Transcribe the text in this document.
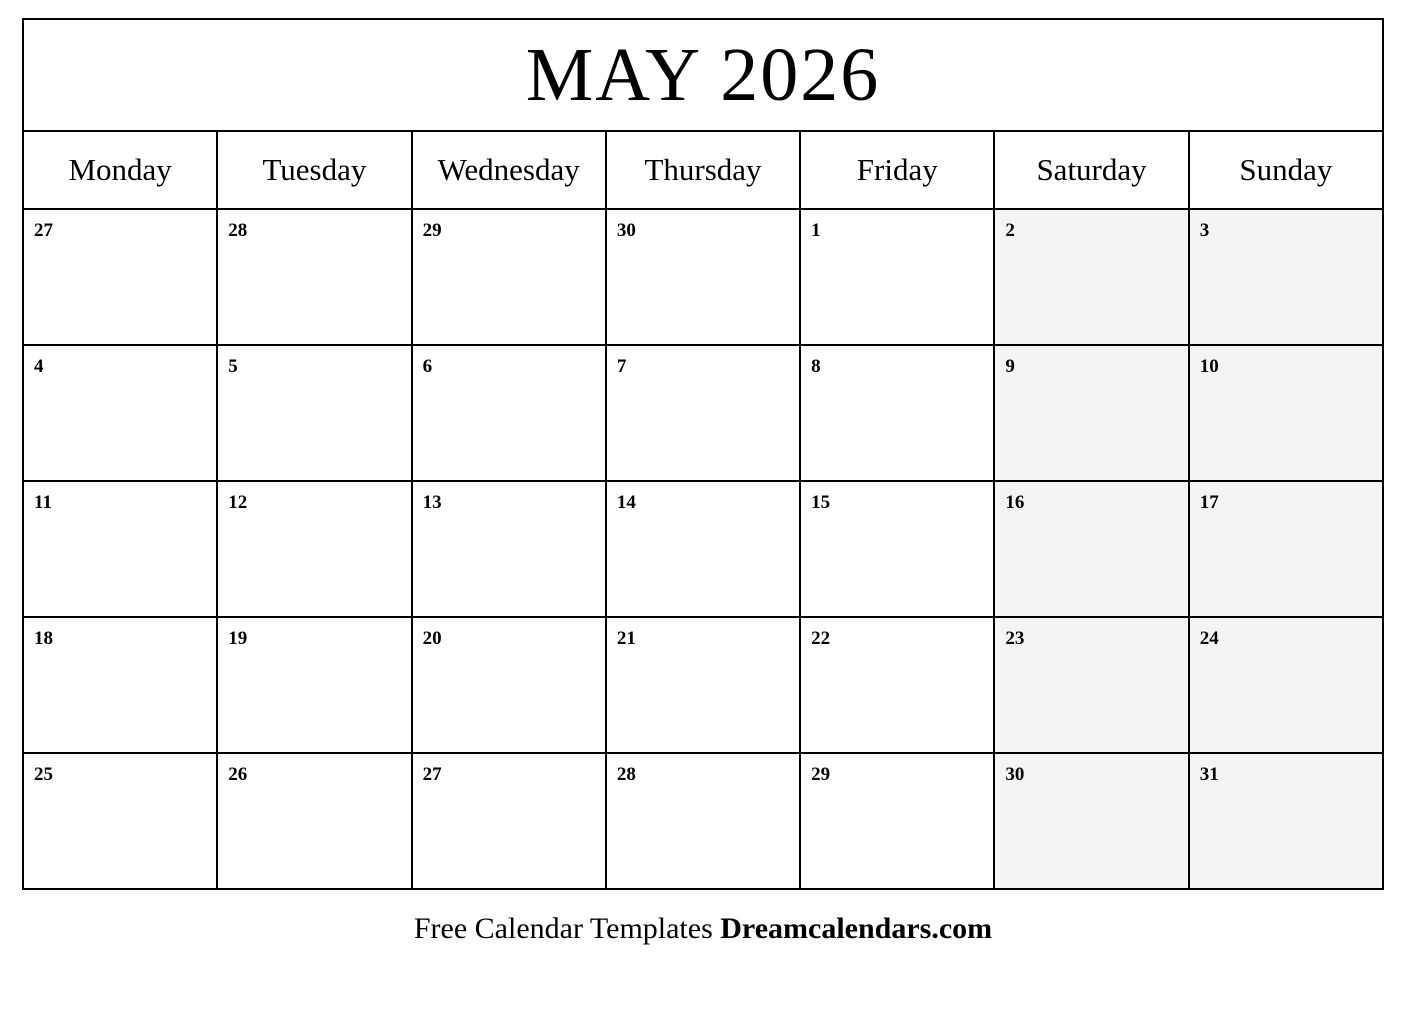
MAY 2026						

Monday	Tuesday	Wednesday	Thursday	Friday	Saturday	Sunday

27	28	29	30	1	2	3

4	5	6	7	8	9	10

11	12	13	14	15	16	17

18	19	20	21	22	23	24

25	26	27	28	29	30	31
Free Calendar Templates Dreamcalendars.com
